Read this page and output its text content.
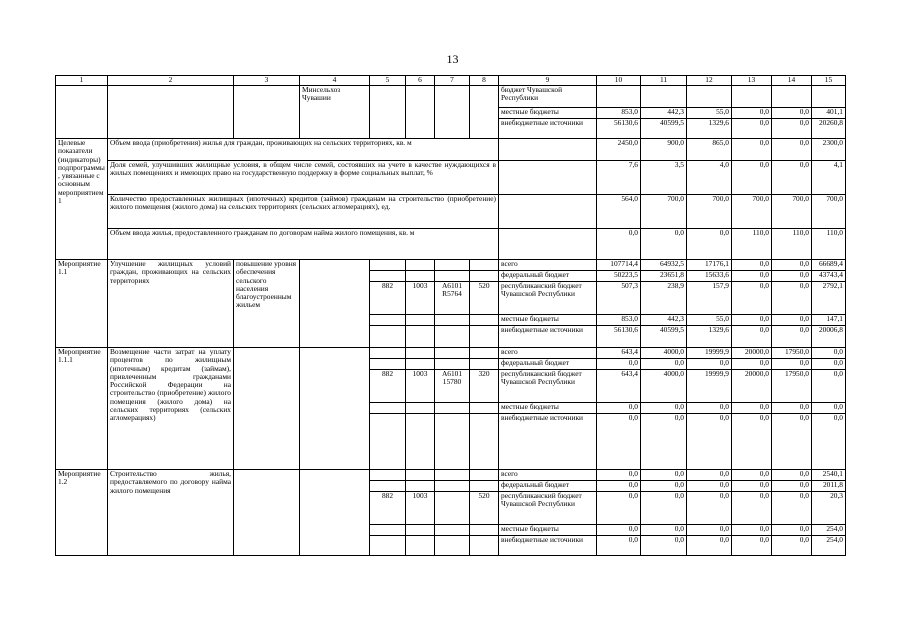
13
1	2	3	4	5	6	7	8	9	10	11	12	13	14	15
			Минсельхоз Чувашии					бюджет Чувашской Республики						
								местные бюджеты	853,0	442,3	55,0	0,0	0,0	401,1
								внебюджетные источники	56130,6	40599,5	1329,6	0,0	0,0	20260,8
Целевые показатели (индикаторы) подпрограммы, увязанные с основным мероприятием 1	Объем ввода (приобретения) жилья для граждан, проживающих на сельских территориях, кв. м								2450,0	900,0	865,0	0,0	0,0	2300,0
	Доля семей, улучшивших жилищные условия, в общем числе семей, состоявших на учете в качестве нуждающихся в жилых помещениях и имеющих право на государственную поддержку в форме социальных выплат, %								7,6	3,5	4,0	0,0	0,0	4,1
	Количество предоставленных жилищных (ипотечных) кредитов (займов) гражданам на строительство (приобретение) жилого помещения (жилого дома) на сельских территориях (сельских агломерациях), ед.								564,0	700,0	700,0	700,0	700,0	700,0
	Объем ввода жилья, предоставленного гражданам по договорам найма жилого помещения, кв. м								0,0	0,0	0,0	110,0	110,0	110,0
Мероприятие 1.1	Улучшение жилищных условий граждан, проживающих на сельских территориях	повышение уровня обеспечения сельского населения благоустроенным жильем						всего	107714,4	64932,5	17176,1	0,0	0,0	66689,4
								федеральный бюджет	50223,5	23651,8	15633,6	0,0	0,0	43743,4
				882	1003	А6101 R5764	520	республиканский бюджет Чувашской Республики	507,3	238,9	157,9	0,0	0,0	2792,1
								местные бюджеты	853,0	442,3	55,0	0,0	0,0	147,1
								внебюджетные источники	56130,6	40599,5	1329,6	0,0	0,0	20006,8
Мероприятие 1.1.1	Возмещение части затрат на уплату процентов по жилищным (ипотечным) кредитам (займам), привлеченным гражданами Российской Федерации на строительство (приобретение) жилого помещения (жилого дома) на сельских территориях (сельских агломерациях)							всего	643,4	4000,0	19999,9	20000,0	17950,0	0,0
								федеральный бюджет	0,0	0,0	0,0	0,0	0,0	0,0
				882	1003	А6101 15780	320	республиканский бюджет Чувашской Республики	643,4	4000,0	19999,9	20000,0	17950,0	0,0
								местные бюджеты	0,0	0,0	0,0	0,0	0,0	0,0
								внебюджетные источники	0,0	0,0	0,0	0,0	0,0	0,0
Мероприятие 1.2	Строительство жилья, предоставляемого по договору найма жилого помещения							всего	0,0	0,0	0,0	0,0	0,0	2540,1
								федеральный бюджет	0,0	0,0	0,0	0,0	0,0	2011,8
				882	1003		520	республиканский бюджет Чувашской Республики	0,0	0,0	0,0	0,0	0,0	20,3
								местные бюджеты	0,0	0,0	0,0	0,0	0,0	254,0
								внебюджетные источники	0,0	0,0	0,0	0,0	0,0	254,0
